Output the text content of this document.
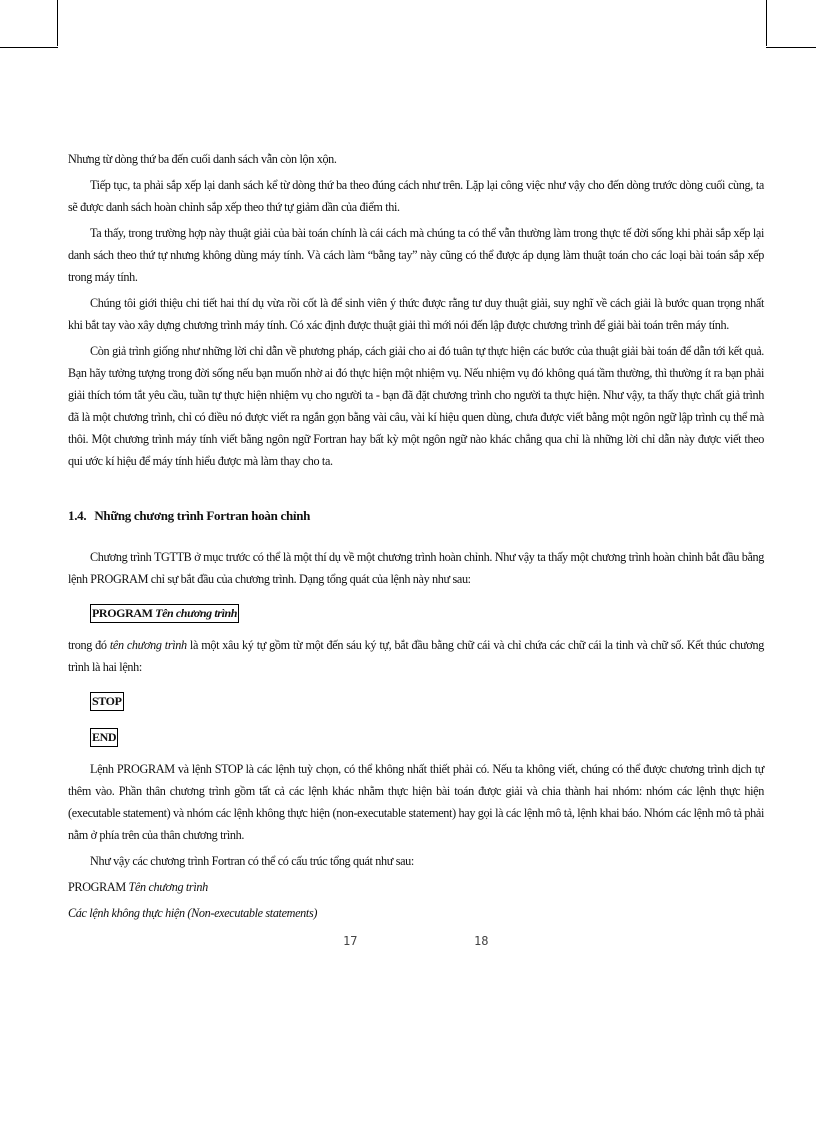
Nhưng từ dòng thứ ba đến cuối danh sách vẫn còn lộn xộn.

Tiếp tục, ta phải sắp xếp lại danh sách kể từ dòng thứ ba theo đúng cách như trên. Lặp lại công việc như vậy cho đến dòng trước dòng cuối cùng, ta sẽ được danh sách hoàn chỉnh sắp xếp theo thứ tự giảm dần của điểm thi.

Ta thấy, trong trường hợp này thuật giải của bài toán chính là cái cách mà chúng ta có thể vẫn thường làm trong thực tế đời sống khi phải sắp xếp lại danh sách theo thứ tự nhưng không dùng máy tính. Và cách làm “bằng tay” này cũng có thể được áp dụng làm thuật toán cho các loại bài toán sắp xếp trong máy tính.

Chúng tôi giới thiệu chi tiết hai thí dụ vừa rồi cốt là để sinh viên ý thức được rằng tư duy thuật giải, suy nghĩ về cách giải là bước quan trọng nhất khi bắt tay vào xây dựng chương trình máy tính. Có xác định được thuật giải thì mới nói đến lập được chương trình để giải bài toán trên máy tính.

Còn giả trình giống như những lời chỉ dẫn về phương pháp, cách giải cho ai đó tuân tự thực hiện các bước của thuật giải bài toán để dẫn tới kết quả. Bạn hãy tưởng tượng trong đời sống nếu bạn muốn nhờ ai đó thực hiện một nhiệm vụ. Nếu nhiệm vụ đó không quá tầm thường, thì thường ít ra bạn phải giải thích tóm tắt yêu cầu, tuần tự thực hiện nhiệm vụ cho người ta - bạn đã đặt chương trình cho người ta thực hiện. Như vậy, ta thấy thực chất giả trình đã là một chương trình, chỉ có điều nó được viết ra ngắn gọn bằng vài câu, vài kí hiệu quen dùng, chưa được viết bằng một ngôn ngữ lập trình cụ thể mà thôi. Một chương trình máy tính viết bằng ngôn ngữ Fortran hay bất kỳ một ngôn ngữ nào khác chẳng qua chỉ là những lời chỉ dẫn này được viết theo qui ước kí hiệu để máy tính hiểu được mà làm thay cho ta.

1.4. Những chương trình Fortran hoàn chỉnh

Chương trình TGTTB ở mục trước có thể là một thí dụ về một chương trình hoàn chỉnh. Như vậy ta thấy một chương trình hoàn chỉnh bắt đầu bằng lệnh PROGRAM chỉ sự bắt đầu của chương trình. Dạng tổng quát của lệnh này như sau:

PROGRAM Tên chương trình

trong đó tên chương trình là một xâu ký tự gồm từ một đến sáu ký tự, bắt đầu bằng chữ cái và chỉ chứa các chữ cái la tinh và chữ số. Kết thúc chương trình là hai lệnh:

STOP
END

Lệnh PROGRAM và lệnh STOP là các lệnh tuỳ chọn, có thể không nhất thiết phải có. Nếu ta không viết, chúng có thể được chương trình dịch tự thêm vào. Phần thân chương trình gồm tất cả các lệnh khác nhằm thực hiện bài toán được giải và chia thành hai nhóm: nhóm các lệnh thực hiện (executable statement) và nhóm các lệnh không thực hiện (non-executable statement) hay gọi là các lệnh mô tả, lệnh khai báo. Nhóm các lệnh mô tả phải nằm ở phía trên của thân chương trình.

Như vậy các chương trình Fortran có thể có cấu trúc tổng quát như sau:

PROGRAM Tên chương trình

Các lệnh không thực hiện (Non-executable statements)

17	18
